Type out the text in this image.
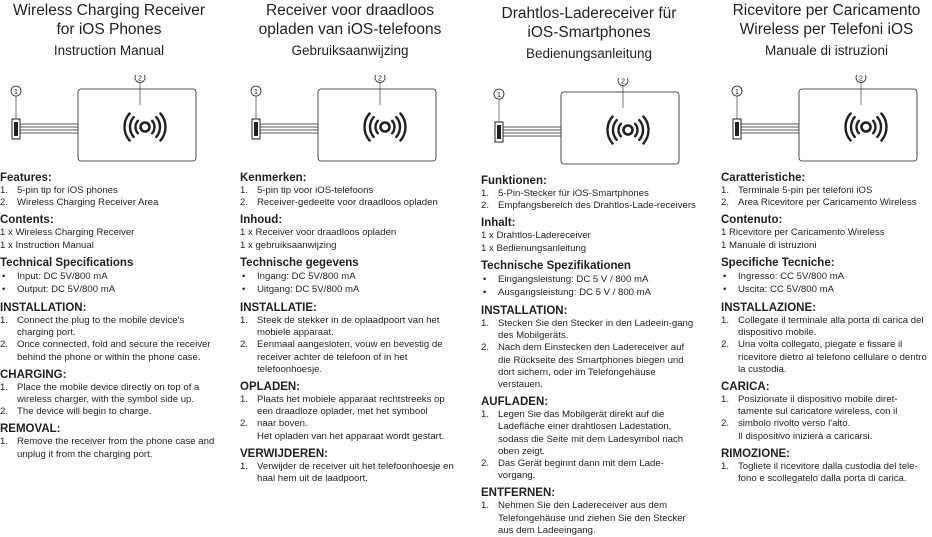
Wireless Charging Receiver
for iOS Phones
Instruction Manual
1
2
Features:
1. 5-pin tip for iOS phones
2. Wireless Charging Receiver Area
Contents:
1 x Wireless Charging Receiver
1 x Instruction Manual
Technical Specifications
• Input: DC 5V/800 mA
• Output: DC 5V/800 mA
INSTALLATION:
1. Connect the plug to the mobile device’s charging port.
2. Once connected, fold and secure the receiver behind the phone or within the phone case.
CHARGING:
1. Place the mobile device directly on top of a wireless charger, with the symbol side up.
2. The device will begin to charge.
REMOVAL:
1. Remove the receiver from the phone case and unplug it from the charging port.
Receiver voor draadloos
opladen van iOS-telefoons
Gebruiksaanwijzing
1
2
Kenmerken:
1. 5-pin tip voor iOS-telefoons
2. Receiver-gedeelte voor draadloos opladen
Inhoud:
1 x Receiver voor draadloos opladen
1 x gebruiksaanwijzing
Technische gegevens
• Ingang: DC 5V/800 mA
• Uitgang: DC 5V/800 mA
INSTALLATIE:
1. Steek de stekker in de oplaadpoort van het mobiele apparaat.
2. Eenmaal aangesloten, vouw en bevestig de receiver achter de telefoon of in het telefoonhoesje.
OPLADEN:
1. Plaats het mobiele apparaat rechtstreeks op een draadloze oplader, met het symbool
2. naar boven.
Het opladen van het apparaat wordt gestart.
VERWIJDEREN:
1. Verwijder de receiver uit het telefoonhoesje en haal hem uit de laadpoort.
Drahtlos-Ladereceiver für
iOS-Smartphones
Bedienungsanleitung
1
2
Funktionen:
1. 5-Pin-Stecker für iOS-Smartphones
2. Empfangsbereich des Drahtlos-Lade-receivers
Inhalt:
1 x Drahtlos-Ladereceiver
1 x Bedienungsanleitung
Technische Spezifikationen
• Eingangsleistung: DC 5 V / 800 mA
• Ausgangsleistung: DC 5 V / 800 mA
INSTALLATION:
1. Stecken Sie den Stecker in den Ladeein-gang des Mobilgeräts.
2. Nach dem Einstecken den Ladereceiver auf die Rückseite des Smartphones biegen und dort sichern, oder im Telefongehäuse verstauen.
AUFLADEN:
1. Legen Sie das Mobilgerät direkt auf die Ladefläche einer drahtlosen Ladestation, sodass die Seite mit dem Ladesymbol nach oben zeigt.
2. Das Gerät beginnt dann mit dem Lade-vorgang.
ENTFERNEN:
1. Nehmen Sie den Ladereceiver aus dem Telefongehäuse und ziehen Sie den Stecker aus dem Ladeeingang.
Ricevitore per Caricamento
Wireless per Telefoni iOS
Manuale di istruzioni
1
2
Caratteristiche:
1. Terminale 5-pin per telefoni iOS
2. Area Ricevitore per Caricamento Wireless
Contenuto:
1 Ricevitore per Caricamento Wireless
1 Manuale di istruzioni
Specifiche Tecniche:
• Ingresso: CC 5V/800 mA
• Uscita: CC 5V/800 mA
INSTALLAZIONE:
1. Collegate il terminale alla porta di carica del dispositivo mobile.
2. Una volta collegato, piegate e fissare il ricevitore dietro al telefono cellulare o dentro la custodia.
CARICA:
1. Posizionate il dispositivo mobile diret-tamente sul caricatore wireless, con il
2. simbolo rivolto verso l'alto.
Il dispositivo inizierà a caricarsi.
RIMOZIONE:
1. Togliete il ricevitore dalla custodia del tele-fono e scollegatelo dalla porta di carica.
